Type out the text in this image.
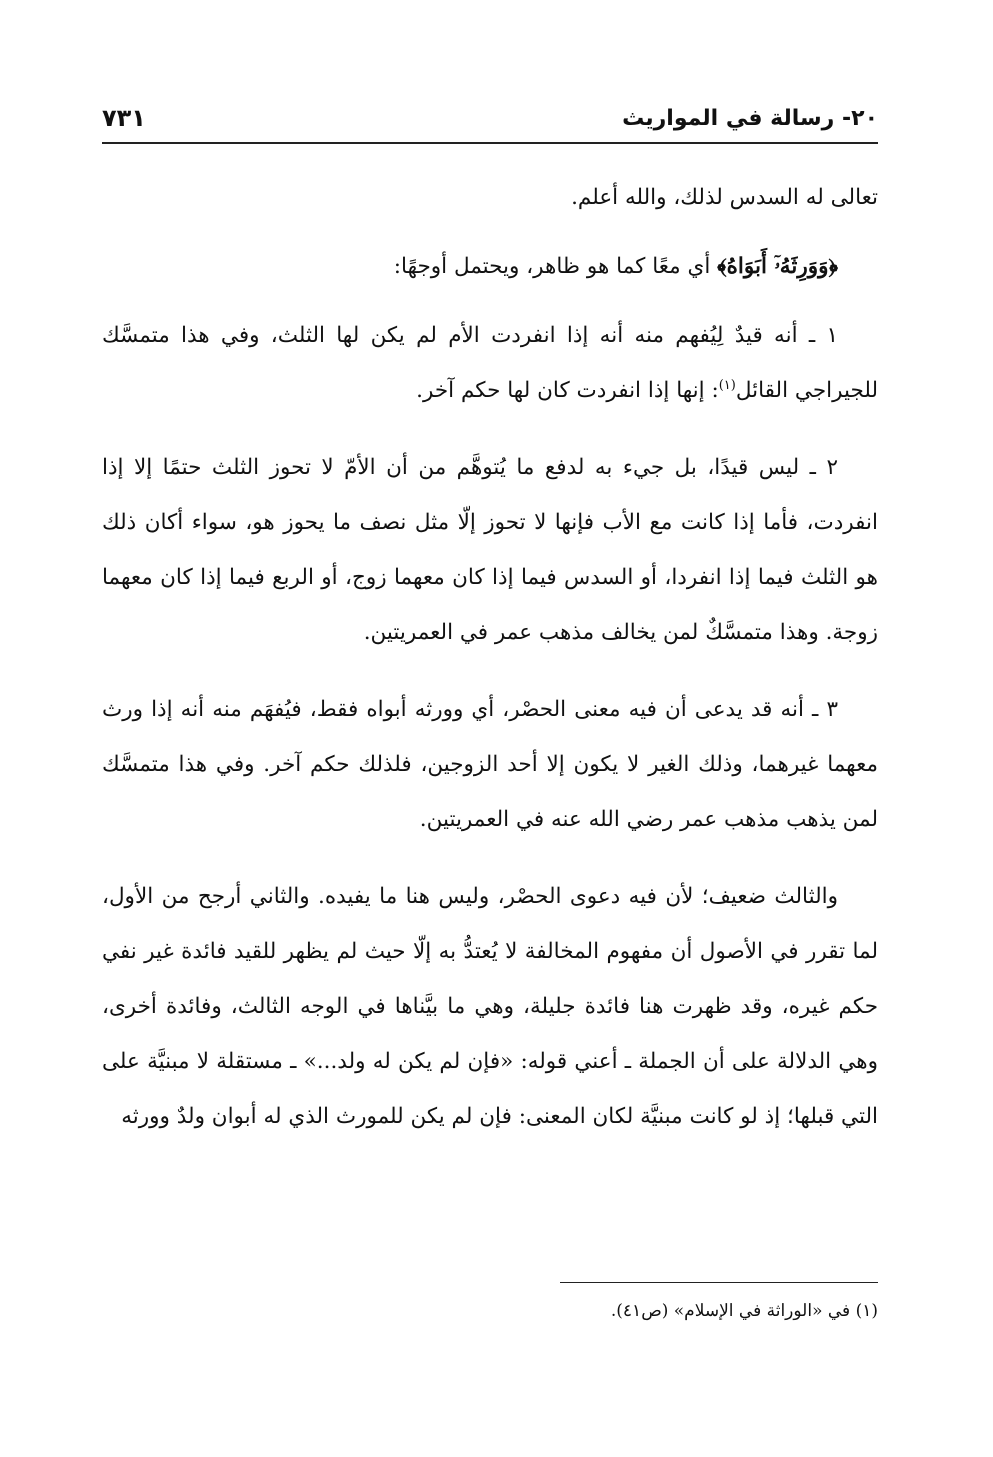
٢٠- رسالة في المواريث
٧٣١

تعالى له السدس لذلك، والله أعلم.

﴿وَوَرِثَهُۥٓ أَبَوَاهُ﴾ أي معًا كما هو ظاهر، ويحتمل أوجهًا:

١ ـ أنه قيدٌ لِيُفهم منه أنه إذا انفردت الأم لم يكن لها الثلث، وفي هذا متمسَّك للجيراجي القائل$^{(١)}$: إنها إذا انفردت كان لها حكم آخر.

٢ ـ ليس قيدًا، بل جيء به لدفع ما يُتوهَّم من أن الأمّ لا تحوز الثلث حتمًا إلا إذا انفردت، فأما إذا كانت مع الأب فإنها لا تحوز إلّا مثل نصف ما يحوز هو، سواء أكان ذلك هو الثلث فيما إذا انفردا، أو السدس فيما إذا كان معهما زوج، أو الربع فيما إذا كان معهما زوجة. وهذا متمسَّكٌ لمن يخالف مذهب عمر في العمريتين.

٣ ـ أنه قد يدعى أن فيه معنى الحصْر، أي وورثه أبواه فقط، فيُفهَم منه أنه إذا ورث معهما غيرهما، وذلك الغير لا يكون إلا أحد الزوجين، فلذلك حكم آخر. وفي هذا متمسَّك لمن يذهب مذهب عمر رضي الله عنه في العمريتين.

والثالث ضعيف؛ لأن فيه دعوى الحصْر، وليس هنا ما يفيده. والثاني أرجح من الأول، لما تقرر في الأصول أن مفهوم المخالفة لا يُعتدُّ به إلّا حيث لم يظهر للقيد فائدة غير نفي حكم غيره، وقد ظهرت هنا فائدة جليلة، وهي ما بيَّناها في الوجه الثالث، وفائدة أخرى، وهي الدلالة على أن الجملة ـ أعني قوله: «فإن لم يكن له ولد...» ـ مستقلة لا مبنيَّة على التي قبلها؛ إذ لو كانت مبنيَّة لكان المعنى: فإن لم يكن للمورث الذي له أبوان ولدٌ وورثه

(١) في «الوراثة في الإسلام» (ص٤١).
